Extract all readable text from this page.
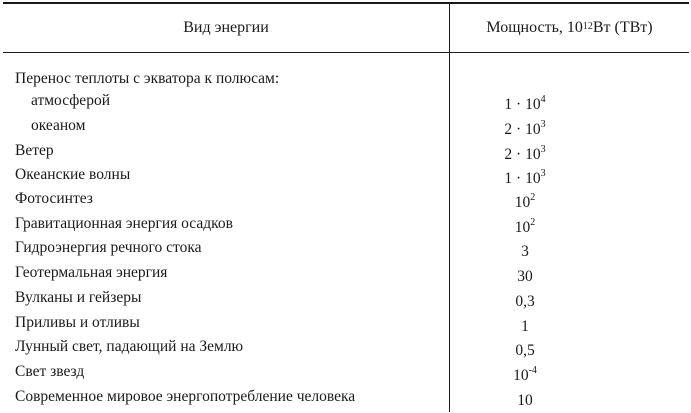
Вид энергии	Мощность, $10^{12}$ Вт (ТВт)
Перенос теплоты с экватора к полюсам:
атмосферой	$1 \cdot 10^4$
океаном	$2 \cdot 10^3$
Ветер	$2 \cdot 10^3$
Океанские волны	$1 \cdot 10^3$
Фотосинтез	$10^2$
Гравитационная энергия осадков	$10^2$
Гидроэнергия речного стока	3
Геотермальная энергия	30
Вулканы и гейзеры	0,3
Приливы и отливы	1
Лунный свет, падающий на Землю	0,5
Свет звезд	$10^{-4}$
Современное мировое энергопотребление человека	10
